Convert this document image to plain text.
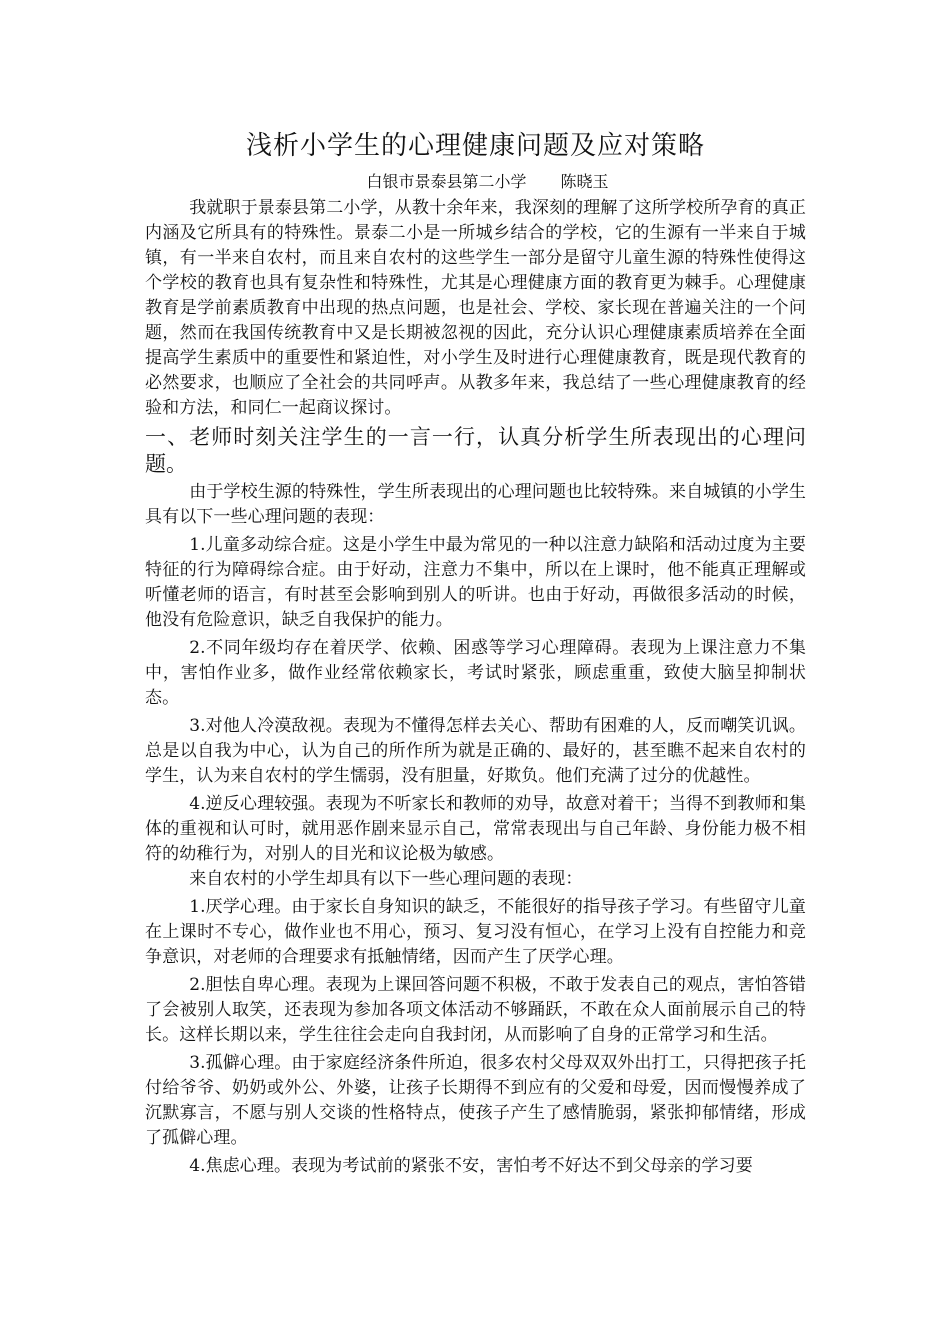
浅析小学生的心理健康问题及应对策略
白银市景泰县第二小学 陈晓玉

我就职于景泰县第二小学，从教十余年来，我深刻的理解了这所学校所孕育的真正内涵及它所具有的特殊性。景泰二小是一所城乡结合的学校，它的生源有一半来自于城镇，有一半来自农村，而且来自农村的这些学生一部分是留守儿童生源的特殊性使得这个学校的教育也具有复杂性和特殊性，尤其是心理健康方面的教育更为棘手。心理健康教育是学前素质教育中出现的热点问题，也是社会、学校、家长现在普遍关注的一个问题，然而在我国传统教育中又是长期被忽视的因此，充分认识心理健康素质培养在全面提高学生素质中的重要性和紧迫性，对小学生及时进行心理健康教育，既是现代教育的必然要求，也顺应了全社会的共同呼声。从教多年来，我总结了一些心理健康教育的经验和方法，和同仁一起商议探讨。

一、老师时刻关注学生的一言一行，认真分析学生所表现出的心理问题。

由于学校生源的特殊性，学生所表现出的心理问题也比较特殊。来自城镇的小学生具有以下一些心理问题的表现：

1.儿童多动综合症。这是小学生中最为常见的一种以注意力缺陷和活动过度为主要特征的行为障碍综合症。由于好动，注意力不集中，所以在上课时，他不能真正理解或听懂老师的语言，有时甚至会影响到别人的听讲。也由于好动，再做很多活动的时候，他没有危险意识，缺乏自我保护的能力。

2.不同年级均存在着厌学、依赖、困惑等学习心理障碍。表现为上课注意力不集中，害怕作业多，做作业经常依赖家长，考试时紧张，顾虑重重，致使大脑呈抑制状态。

3.对他人冷漠敌视。表现为不懂得怎样去关心、帮助有困难的人，反而嘲笑讥讽。总是以自我为中心，认为自己的所作所为就是正确的、最好的，甚至瞧不起来自农村的学生，认为来自农村的学生懦弱，没有胆量，好欺负。他们充满了过分的优越性。

4.逆反心理较强。表现为不听家长和教师的劝导，故意对着干；当得不到教师和集体的重视和认可时，就用恶作剧来显示自己，常常表现出与自己年龄、身份能力极不相符的幼稚行为，对别人的目光和议论极为敏感。

来自农村的小学生却具有以下一些心理问题的表现：

1.厌学心理。由于家长自身知识的缺乏，不能很好的指导孩子学习。有些留守儿童在上课时不专心，做作业也不用心，预习、复习没有恒心，在学习上没有自控能力和竞争意识，对老师的合理要求有抵触情绪，因而产生了厌学心理。

2.胆怯自卑心理。表现为上课回答问题不积极，不敢于发表自己的观点，害怕答错了会被别人取笑，还表现为参加各项文体活动不够踊跃，不敢在众人面前展示自己的特长。这样长期以来，学生往往会走向自我封闭，从而影响了自身的正常学习和生活。

3.孤僻心理。由于家庭经济条件所迫，很多农村父母双双外出打工，只得把孩子托付给爷爷、奶奶或外公、外婆，让孩子长期得不到应有的父爱和母爱，因而慢慢养成了沉默寡言，不愿与别人交谈的性格特点，使孩子产生了感情脆弱，紧张抑郁情绪，形成了孤僻心理。

4.焦虑心理。表现为考试前的紧张不安，害怕考不好达不到父母亲的学习要
